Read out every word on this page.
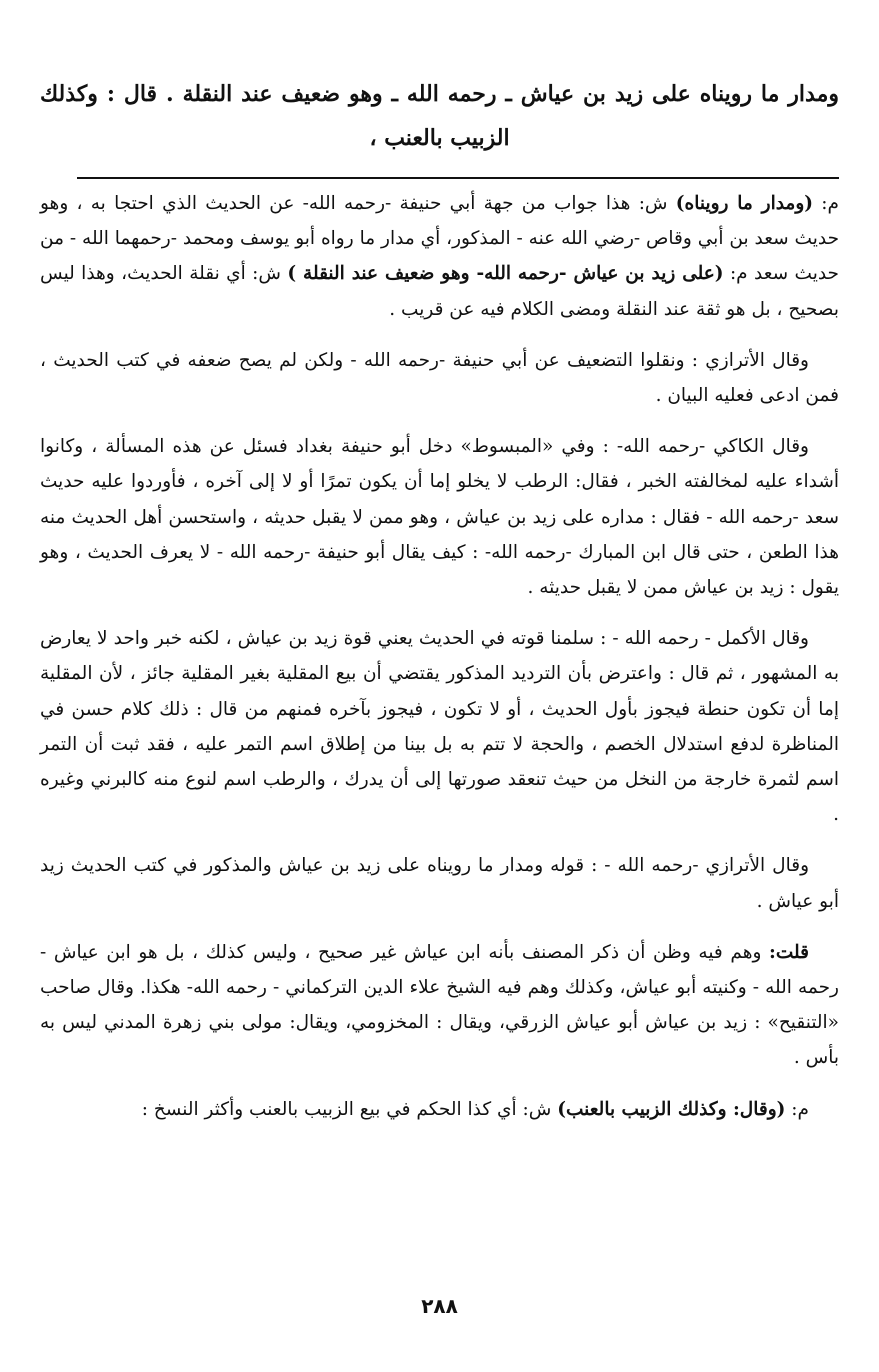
ومدار ما رويناه على زيد بن عياش ـ رحمه الله ـ وهو ضعيف عند النقلة . قال : وكذلك الزبيب بالعنب ،

م: (ومدار ما رويناه) ش: هذا جواب من جهة أبي حنيفة -رحمه الله- عن الحديث الذي احتجا به ، وهو حديث سعد بن أبي وقاص -رضي الله عنه - المذكور، أي مدار ما رواه أبو يوسف ومحمد -رحمهما الله - من حديث سعد م: (على زيد بن عياش -رحمه الله- وهو ضعيف عند النقلة ) ش: أي نقلة الحديث، وهذا ليس بصحيح ، بل هو ثقة عند النقلة ومضى الكلام فيه عن قريب .

وقال الأترازي : ونقلوا التضعيف عن أبي حنيفة -رحمه الله - ولكن لم يصح ضعفه في كتب الحديث ، فمن ادعى فعليه البيان .

وقال الكاكي -رحمه الله- : وفي «المبسوط» دخل أبو حنيفة بغداد فسئل عن هذه المسألة ، وكانوا أشداء عليه لمخالفته الخبر ، فقال: الرطب لا يخلو إما أن يكون تمرًا أو لا إلى آخره ، فأوردوا عليه حديث سعد -رحمه الله - فقال : مداره على زيد بن عياش ، وهو ممن لا يقبل حديثه ، واستحسن أهل الحديث منه هذا الطعن ، حتى قال ابن المبارك -رحمه الله- : كيف يقال أبو حنيفة -رحمه الله - لا يعرف الحديث ، وهو يقول : زيد بن عياش ممن لا يقبل حديثه .

وقال الأكمل - رحمه الله - : سلمنا قوته في الحديث يعني قوة زيد بن عياش ، لكنه خبر واحد لا يعارض به المشهور ، ثم قال : واعترض بأن الترديد المذكور يقتضي أن بيع المقلية بغير المقلية جائز ، لأن المقلية إما أن تكون حنطة فيجوز بأول الحديث ، أو لا تكون ، فيجوز بآخره فمنهم من قال : ذلك كلام حسن في المناظرة لدفع استدلال الخصم ، والحجة لا تتم به بل بينا من إطلاق اسم التمر عليه ، فقد ثبت أن التمر اسم لثمرة خارجة من النخل من حيث تنعقد صورتها إلى أن يدرك ، والرطب اسم لنوع منه كالبرني وغيره .

وقال الأترازي -رحمه الله - : قوله ومدار ما رويناه على زيد بن عياش والمذكور في كتب الحديث زيد أبو عياش .

قلت: وهم فيه وظن أن ذكر المصنف بأنه ابن عياش غير صحيح ، وليس كذلك ، بل هو ابن عياش - رحمه الله - وكنيته أبو عياش، وكذلك وهم فيه الشيخ علاء الدين التركماني - رحمه الله- هكذا. وقال صاحب «التنقيح» : زيد بن عياش أبو عياش الزرقي، ويقال : المخزومي، ويقال: مولى بني زهرة المدني ليس به بأس .

م: (وقال: وكذلك الزبيب بالعنب) ش: أي كذا الحكم في بيع الزبيب بالعنب وأكثر النسخ :

٢٨٨
